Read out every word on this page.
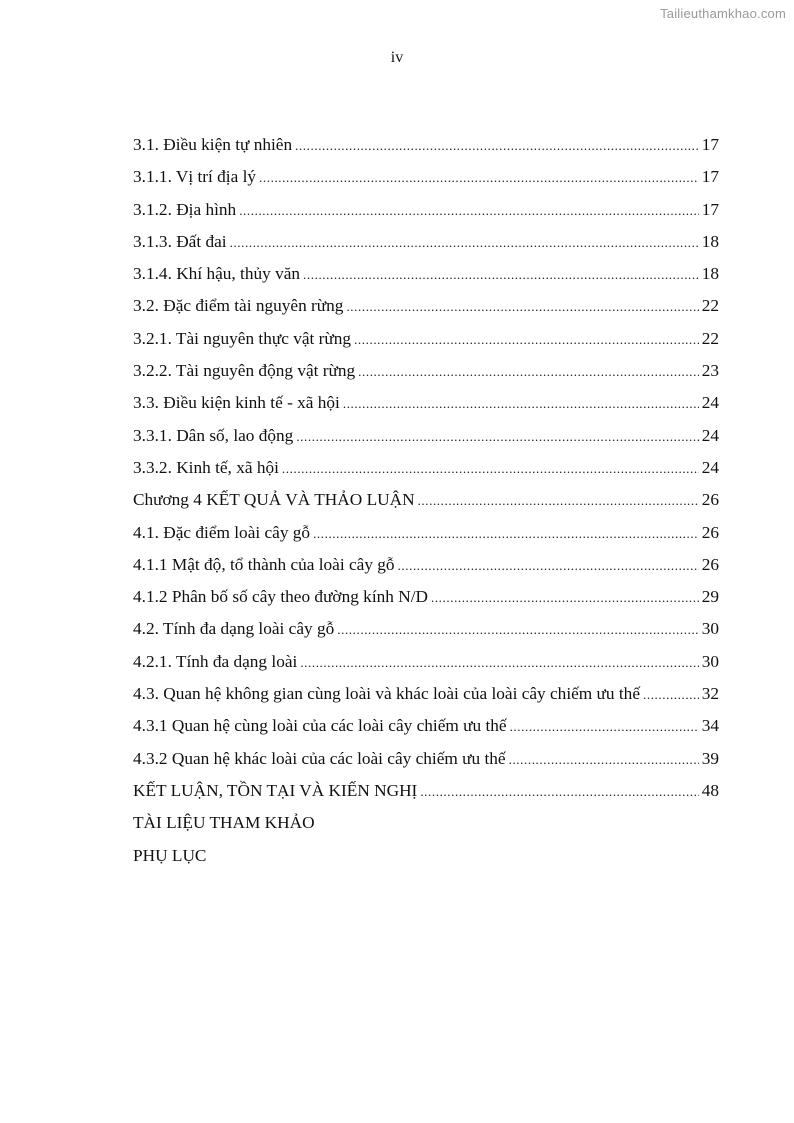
Tailieuthamkhao.com
iv
3.1. Điều kiện tự nhiên .....	17
3.1.1. Vị trí địa lý .....	17
3.1.2. Địa hình .....	17
3.1.3. Đất đai .....	18
3.1.4. Khí hậu, thủy văn .....	18
3.2. Đặc điểm tài nguyên rừng .....	22
3.2.1. Tài nguyên thực vật rừng .....	22
3.2.2. Tài nguyên động vật rừng .....	23
3.3. Điều kiện kinh tế - xã hội .....	24
3.3.1. Dân số, lao động .....	24
3.3.2. Kinh tế, xã hội .....	24
Chương 4 KẾT QUẢ VÀ THẢO LUẬN .....	26
4.1. Đặc điểm loài cây gỗ .....	26
4.1.1 Mật độ, tổ thành của loài cây gỗ .....	26
4.1.2 Phân bố số cây theo đường kính N/D .....	29
4.2. Tính đa dạng loài cây gỗ .....	30
4.2.1. Tính đa dạng loài .....	30
4.3. Quan hệ không gian cùng loài và khác loài của loài cây chiếm ưu thế .....	32
4.3.1 Quan hệ cùng loài của các loài cây chiếm ưu thế .....	34
4.3.2 Quan hệ khác loài của các loài cây chiếm ưu thế .....	39
KẾT LUẬN, TỒN TẠI VÀ KIẾN NGHỊ .....	48
TÀI LIỆU THAM KHẢO
PHỤ LỤC
